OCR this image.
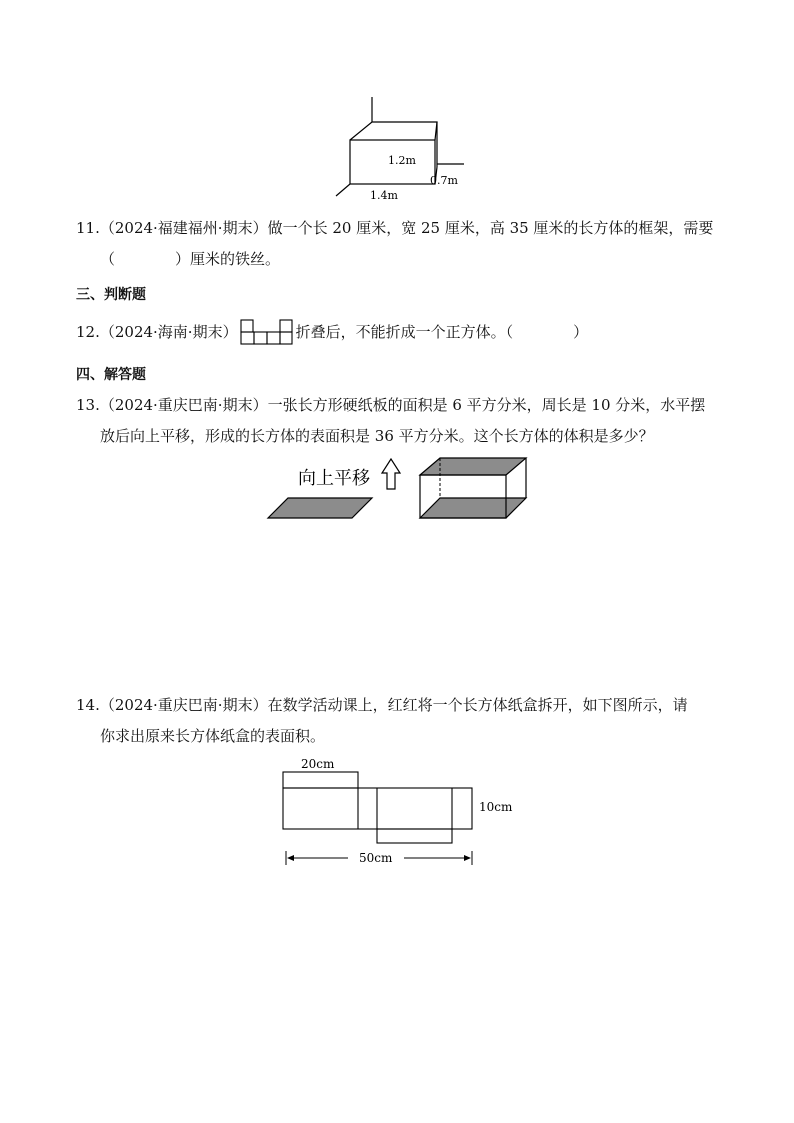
1.2m
0.7m
1.4m
11.（2024·福建福州·期末）做一个长 20 厘米，宽 25 厘米，高 35 厘米的长方体的框架，需要
（　　　　）厘米的铁丝。
三、判断题
12.（2024·海南·期末）	折叠后，不能折成一个正方体。（　　　　）
四、解答题
13.（2024·重庆巴南·期末）一张长方形硬纸板的面积是 6 平方分米，周长是 10 分米，水平摆
放后向上平移，形成的长方体的表面积是 36 平方分米。这个长方体的体积是多少？
向上平移
14.（2024·重庆巴南·期末）在数学活动课上，红红将一个长方体纸盒拆开，如下图所示，请
你求出原来长方体纸盒的表面积。
20cm
10cm
50cm
